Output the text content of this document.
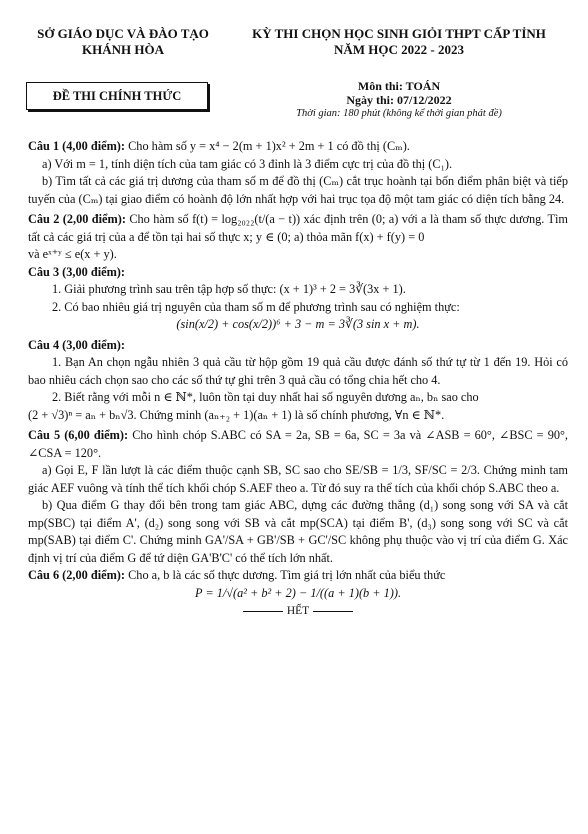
SỞ GIÁO DỤC VÀ ĐÀO TẠO
KHÁNH HÒA
KỲ THI CHỌN HỌC SINH GIỎI THPT CẤP TỈNH
NĂM HỌC 2022 - 2023
ĐỀ THI CHÍNH THỨC
Môn thi: TOÁN
Ngày thi: 07/12/2022
Thời gian: 180 phút (không kể thời gian phát đề)

Câu 1 (4,00 điểm): Cho hàm số y = x⁴ − 2(m + 1)x² + 2m + 1 có đồ thị (Cₘ).

a) Với m = 1, tính diện tích của tam giác có 3 đỉnh là 3 điểm cực trị của đồ thị (C₁).

b) Tìm tất cả các giá trị dương của tham số m để đồ thị (Cₘ) cắt trục hoành tại bốn điểm phân biệt và tiếp tuyến của (Cₘ) tại giao điểm có hoành độ lớn nhất hợp với hai trục tọa độ một tam giác có diện tích bằng 24.

Câu 2 (2,00 điểm): Cho hàm số f(t) = log₂₀₂₂(t/(a − t)) xác định trên (0; a) với a là tham số thực dương. Tìm tất cả các giá trị của a để tồn tại hai số thực x; y ∈ (0; a) thỏa mãn f(x) + f(y) = 0

và eˣ⁺ʸ ≤ e(x + y).

Câu 3 (3,00 điểm):

1. Giải phương trình sau trên tập hợp số thực: (x + 1)³ + 2 = 3∛(3x + 1).

2. Có bao nhiêu giá trị nguyên của tham số m để phương trình sau có nghiệm thực:

(sin(x/2) + cos(x/2))⁶ + 3 − m = 3∛(3 sin x + m).

Câu 4 (3,00 điểm):

1. Bạn An chọn ngẫu nhiên 3 quả cầu từ hộp gồm 19 quả cầu được đánh số thứ tự từ 1 đến 19. Hỏi có bao nhiêu cách chọn sao cho các số thứ tự ghi trên 3 quả cầu có tổng chia hết cho 4.

2. Biết rằng với mỗi n ∈ ℕ*, luôn tồn tại duy nhất hai số nguyên dương aₙ, bₙ sao cho

(2 + √3)ⁿ = aₙ + bₙ√3. Chứng minh (aₙ₊₂ + 1)(aₙ + 1) là số chính phương, ∀n ∈ ℕ*.

Câu 5 (6,00 điểm): Cho hình chóp S.ABC có SA = 2a, SB = 6a, SC = 3a và ∠ASB = 60°, ∠BSC = 90°, ∠CSA = 120°.

a) Gọi E, F lần lượt là các điểm thuộc cạnh SB, SC sao cho SE/SB = 1/3, SF/SC = 2/3. Chứng minh tam giác AEF vuông và tính thể tích khối chóp S.AEF theo a. Từ đó suy ra thể tích của khối chóp S.ABC theo a.

b) Qua điểm G thay đổi bên trong tam giác ABC, dựng các đường thẳng (d₁) song song với SA và cắt mp(SBC) tại điểm A', (d₂) song song với SB và cắt mp(SCA) tại điểm B', (d₃) song song với SC và cắt mp(SAB) tại điểm C'. Chứng minh GA'/SA + GB'/SB + GC'/SC không phụ thuộc vào vị trí của điểm G. Xác định vị trí của điểm G để tứ diện GA'B'C' có thể tích lớn nhất.

Câu 6 (2,00 điểm): Cho a, b là các số thực dương. Tìm giá trị lớn nhất của biểu thức

P = 1/√(a² + b² + 2) − 1/((a + 1)(b + 1)).

HẾT
